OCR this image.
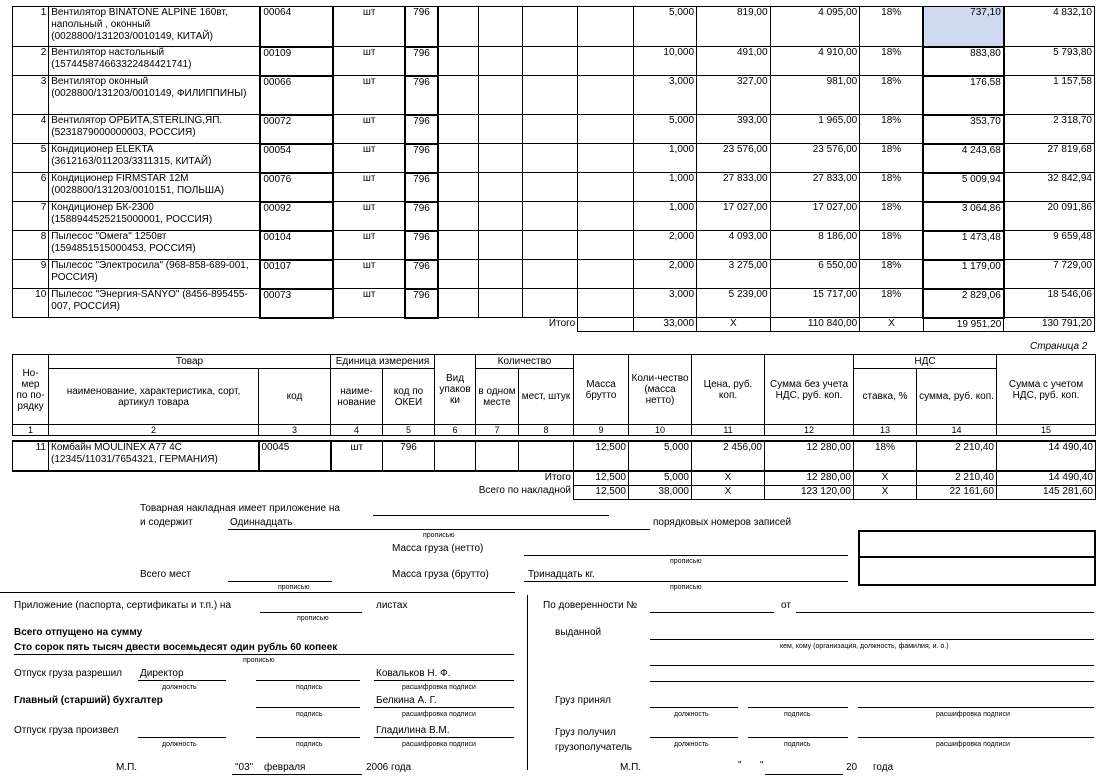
1	Вентилятор BINATONE ALPINE 160вт, напольный , оконный (0028800/131203/0010149, КИТАЙ)	00064	шт	796					5,000	819,00	4 095,00	18%	737,10	4 832,10
2	Вентилятор настольный (15744587466332248442174​1)	00109	шт	796					10,000	491,00	4 910,00	18%	883,80	5 793,80
3	Вентилятор оконный (0028800/131203/0010149, ФИЛИППИНЫ)	00066	шт	796					3,000	327,00	981,00	18%	176,58	1 157,58
4	Вентилятор ОРБИТА,STERLING,ЯП. (5231879000000003, РОССИЯ)	00072	шт	796					5,000	393,00	1 965,00	18%	353,70	2 318,70
5	Кондиционер ELEKTA (3612163/011203/3311315, КИТАЙ)	00054	шт	796					1,000	23 576,00	23 576,00	18%	4 243,68	27 819,68
6	Кондиционер FIRMSTAR 12M (0028800/131203/0010151, ПОЛЬША)	00076	шт	796					1,000	27 833,00	27 833,00	18%	5 009,94	32 842,94
7	Кондиционер БК-2300 (1588944525215000001, РОССИЯ)	00092	шт	796					1,000	17 027,00	17 027,00	18%	3 064,86	20 091,86
8	Пылесос "Омега" 1250вт (1594851515000453, РОССИЯ)	00104	шт	796					2,000	4 093,00	8 186,00	18%	1 473,48	9 659,48
9	Пылесос "Электросила" (968-858-689-001, РОССИЯ)	00107	шт	796					2,000	3 275,00	6 550,00	18%	1 179,00	7 729,00
10	Пылесос "Энергия-SANYO" (8456-895455-007, РОССИЯ)	00073	шт	796					3,000	5 239,00	15 717,00	18%	2 829,06	18 546,06
							Итого		33,000	X	110 840,00	X	19 951,20	130 791,20
Страница 2
Но-мер по по-рядку	Товар		Единица измерения		Вид упаков ки	Количество		Масса брутто	Коли-чество (масса нетто)	Цена, руб. коп.	Сумма без учета НДС, руб. коп.	НДС		Сумма с учетом НДС, руб. коп.
	наименование, характеристика, сорт, артикул товара	код	наиме-нование	код по ОКЕИ		в одном месте	мест, штук					ставка, %	сумма, руб. коп.	
1	2	3	4	5	6	7	8	9	10	11	12	13	14	15
11	Комбайн MOULINEX A77 4C (12345/11031/7654321, ГЕРМАНИЯ)	00045	шт	796				12,500	5,000	2 456,00	12 280,00	18%	2 210,40	14 490,40
							Итого	12,500	5,000	X	12 280,00	X	2 210,40	14 490,40
						Всего по накладной		12,500	38,000	X	123 120,00	X	22 161,60	145 281,60
Товарная накладная имеет приложение на
и содержит	Одиннадцать	порядковых номеров записей
прописью
Масса груза (нетто)
прописью
Всего мест
прописью
Масса груза (брутто)	Тринадцать кг.
прописью
Приложение (паспорта, сертификаты и т.п.) на	листах
прописью
Всего отпущено на сумму
Сто сорок пять тысяч двести восемьдесят один рубль 60 копеек
прописью
Отпуск груза разрешил Директор	Ковальков Н. Ф.
должность	подпись	расшифровка подписи
Главный (старший) бухгалтер	Белкина А. Г.
подпись	расшифровка подписи
Отпуск груза произвел	Гладилина В.М.
должность	подпись	расшифровка подписи
М.П.	"03" февраля	2006 года
По доверенности №	от
выданной
кем, кому (организация, должность, фамилия, и. о.)
Груз принял
должность	подпись	расшифровка подписи
Груз получил грузополучатель	должность	подпись	расшифровка подписи
М.П.	" "	20 года
